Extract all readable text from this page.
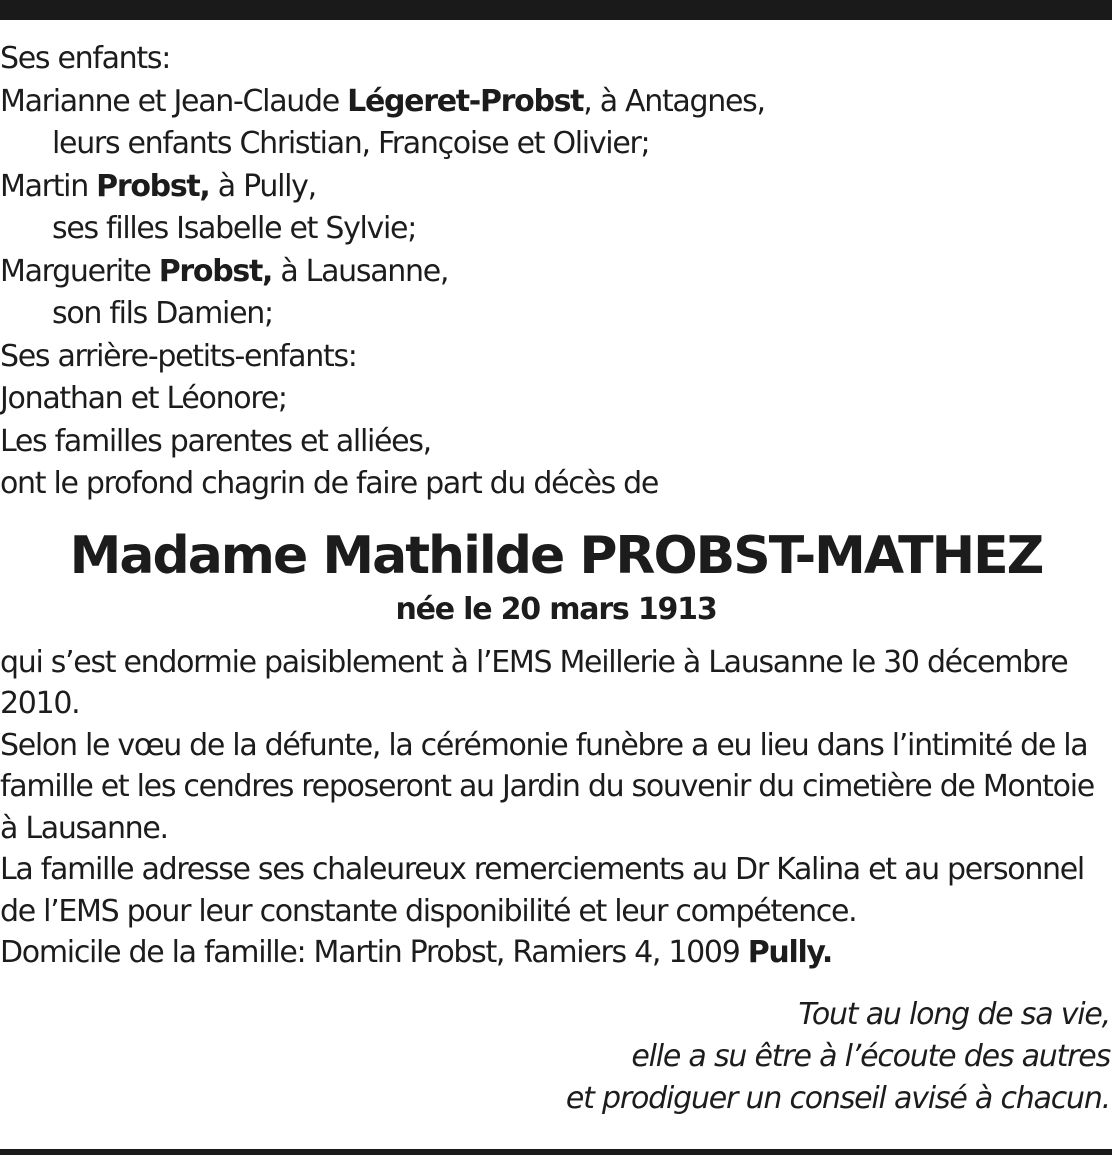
Ses enfants:
Marianne et Jean-Claude Légeret-Probst, à Antagnes,
leurs enfants Christian, Françoise et Olivier;
Martin Probst, à Pully,
ses filles Isabelle et Sylvie;
Marguerite Probst, à Lausanne,
son fils Damien;
Ses arrière-petits-enfants:
Jonathan et Léonore;
Les familles parentes et alliées,
ont le profond chagrin de faire part du décès de
Madame Mathilde PROBST-MATHEZ
née le 20 mars 1913

qui s’est endormie paisiblement à l’EMS Meillerie à Lausanne le 30 décembre 2010.

Selon le vœu de la défunte, la cérémonie funèbre a eu lieu dans l’intimité de la famille et les cendres reposeront au Jardin du souvenir du cimetière de Montoie à Lausanne.

La famille adresse ses chaleureux remerciements au Dr Kalina et au personnel de l’EMS pour leur constante disponibilité et leur compétence.

Domicile de la famille: Martin Probst, Ramiers 4, 1009 Pully.

Tout au long de sa vie,
elle a su être à l’écoute des autres
et prodiguer un conseil avisé à chacun.
